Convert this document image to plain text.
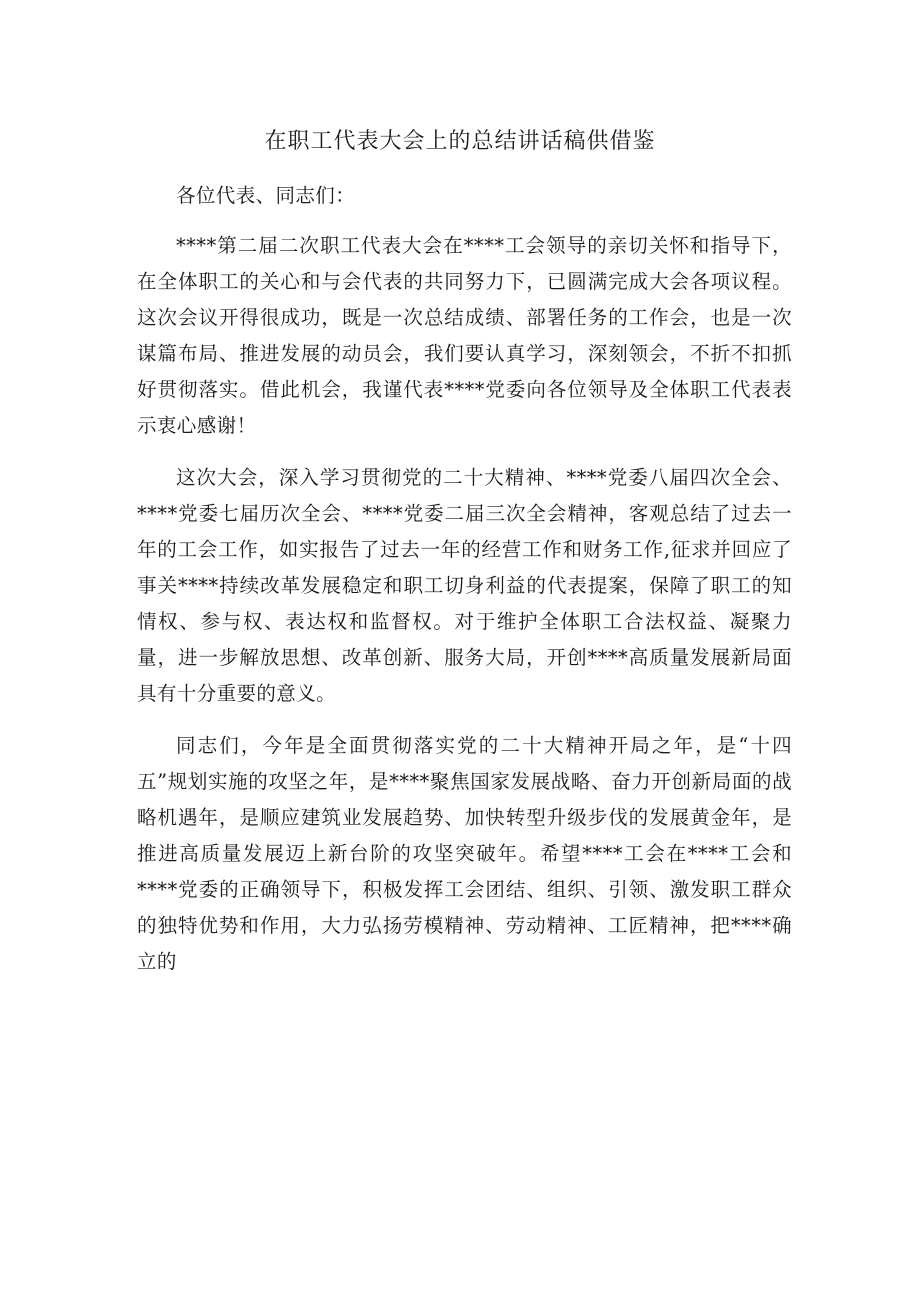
在职工代表大会上的总结讲话稿供借鉴

各位代表、同志们：

****第二届二次职工代表大会在****工会领导的亲切关怀和指导下，在全体职工的关心和与会代表的共同努力下，已圆满完成大会各项议程。这次会议开得很成功，既是一次总结成绩、部署任务的工作会，也是一次谋篇布局、推进发展的动员会，我们要认真学习，深刻领会，不折不扣抓好贯彻落实。借此机会，我谨代表****党委向各位领导及全体职工代表表示衷心感谢！

这次大会，深入学习贯彻党的二十大精神、****党委八届四次全会、****党委七届历次全会、****党委二届三次全会精神，客观总结了过去一年的工会工作，如实报告了过去一年的经营工作和财务工作,征求并回应了事关****持续改革发展稳定和职工切身利益的代表提案，保障了职工的知情权、参与权、表达权和监督权。对于维护全体职工合法权益、凝聚力量，进一步解放思想、改革创新、服务大局，开创****高质量发展新局面具有十分重要的意义。

同志们，今年是全面贯彻落实党的二十大精神开局之年，是“十四五”规划实施的攻坚之年，是****聚焦国家发展战略、奋力开创新局面的战略机遇年，是顺应建筑业发展趋势、加快转型升级步伐的发展黄金年，是推进高质量发展迈上新台阶的攻坚突破年。希望****工会在****工会和****党委的正确领导下，积极发挥工会团结、组织、引领、激发职工群众的独特优势和作用，大力弘扬劳模精神、劳动精神、工匠精神，把****确立的
